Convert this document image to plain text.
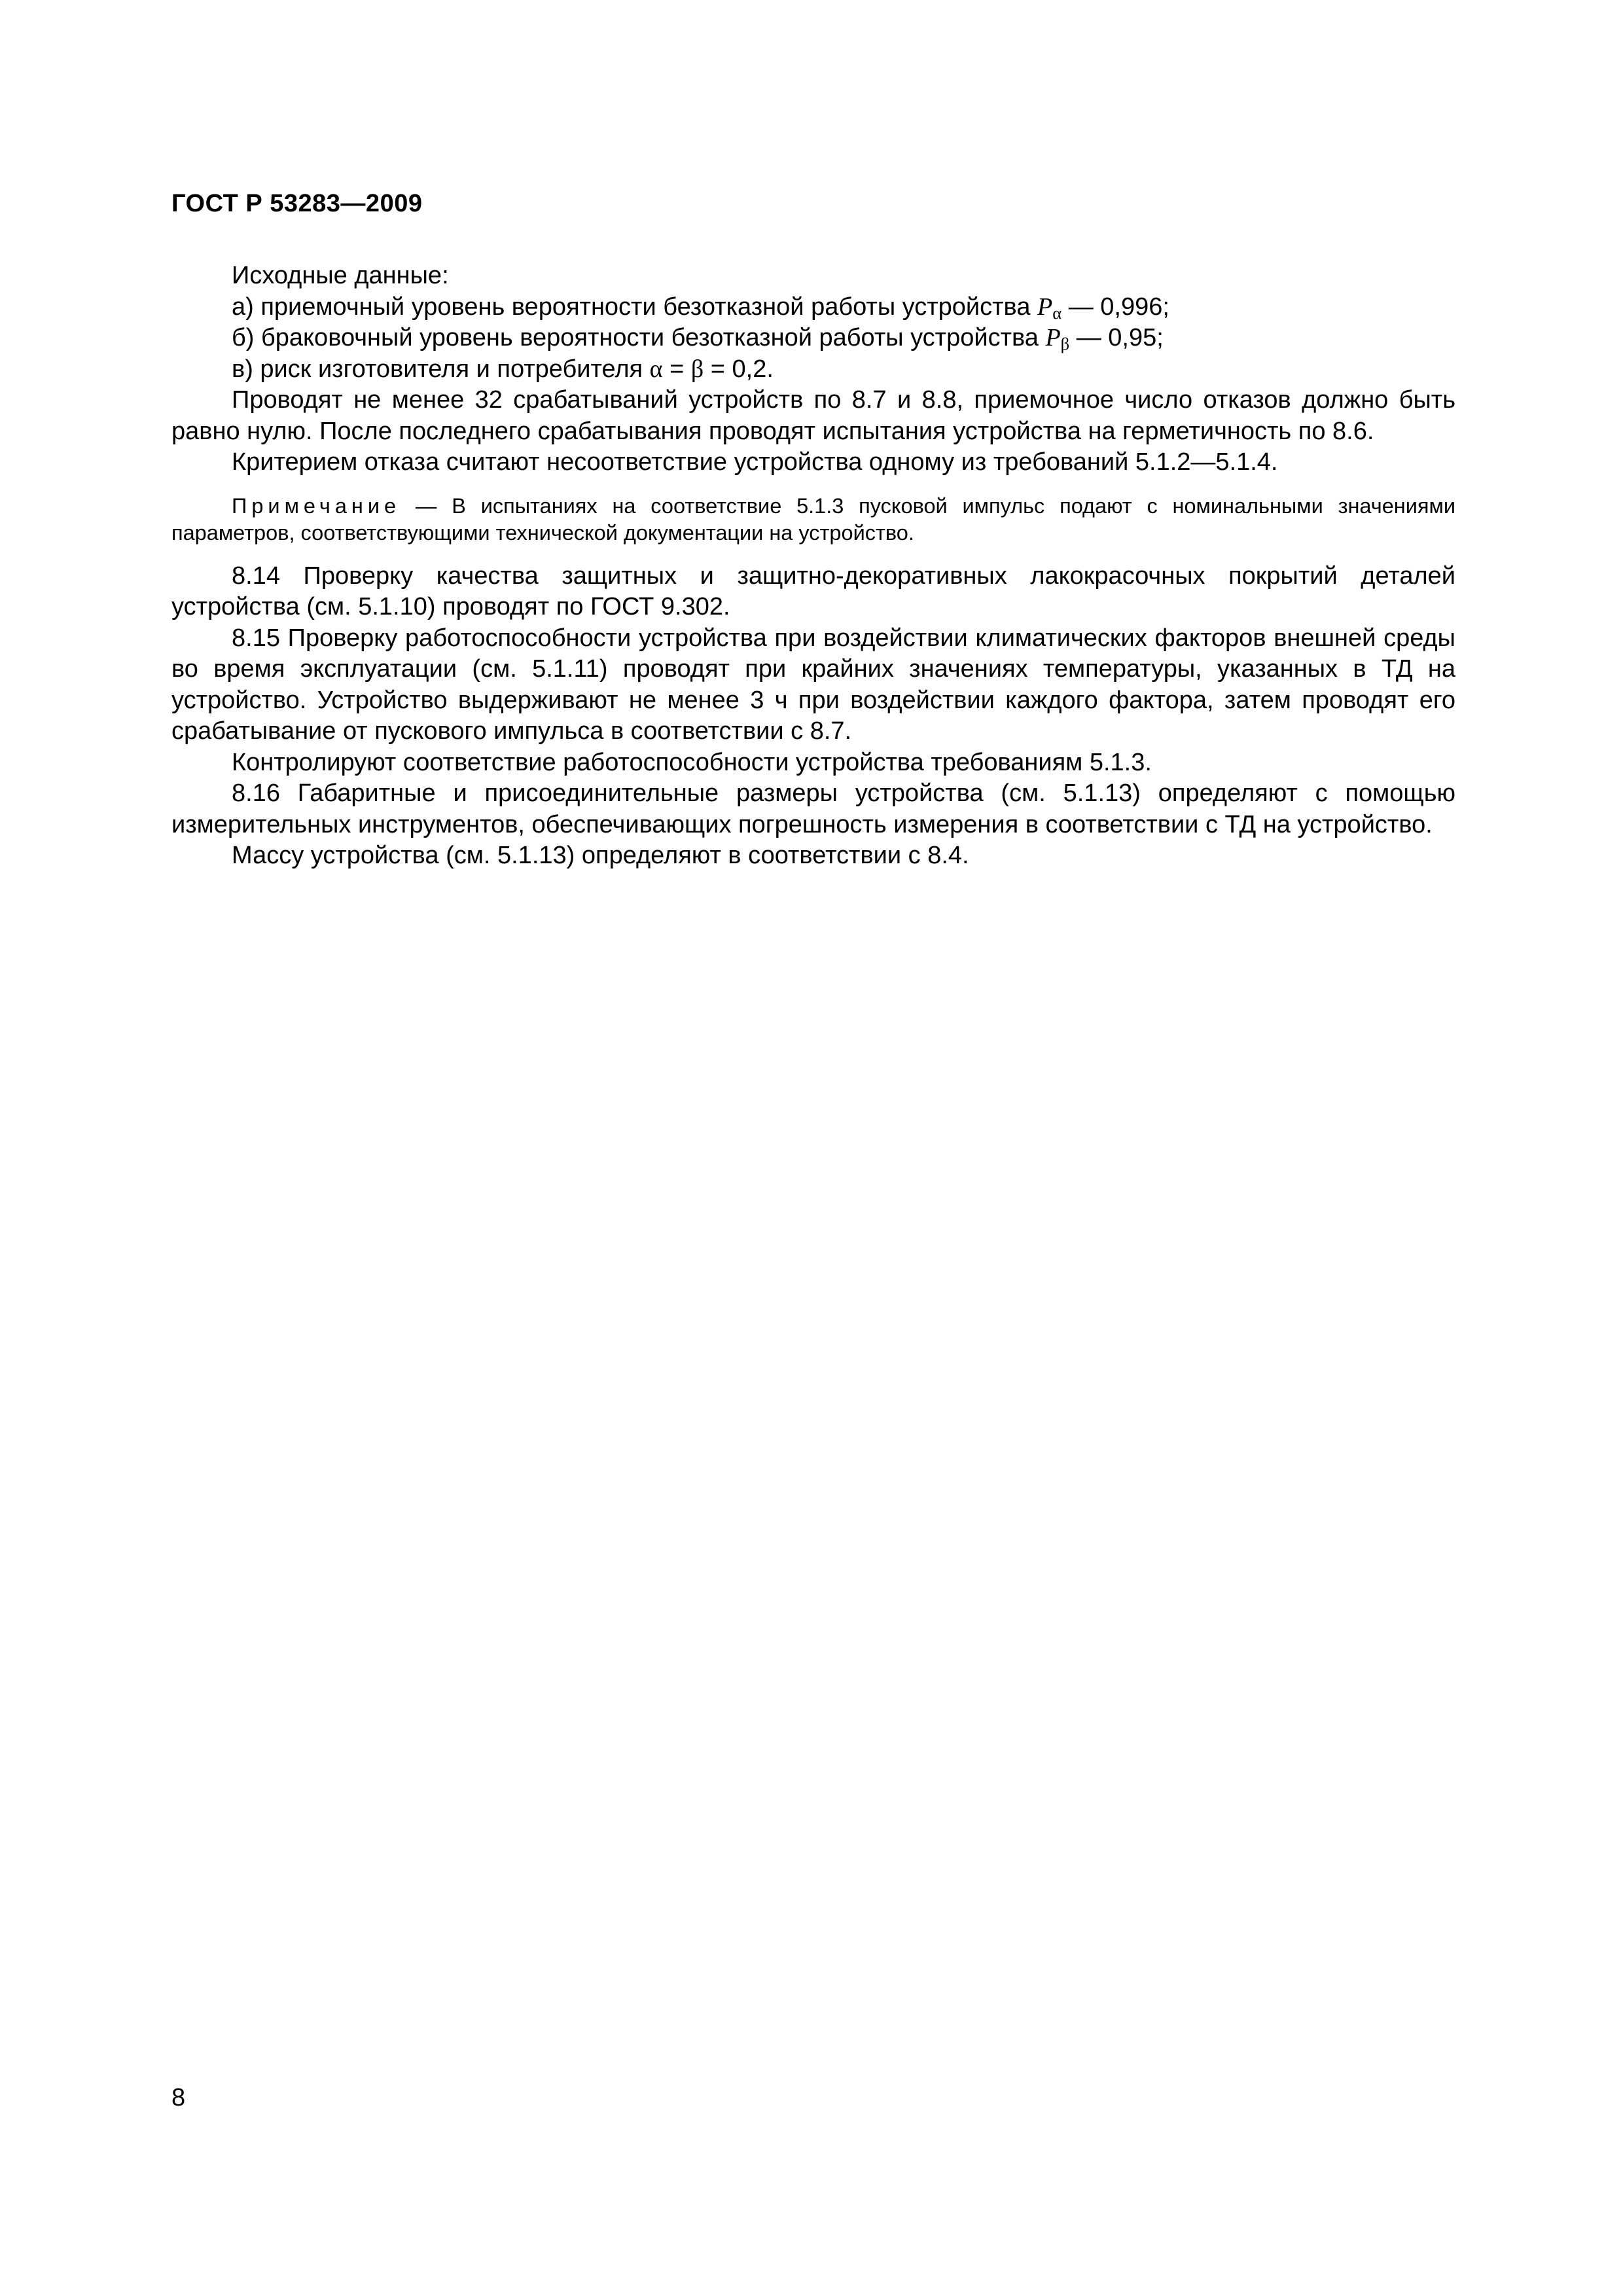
ГОСТ Р 53283—2009

Исходные данные:

а) приемочный уровень вероятности безотказной работы устройства $P_\alpha$ — 0,996;

б) браковочный уровень вероятности безотказной работы устройства $P_\beta$ — 0,95;

в) риск изготовителя и потребителя α = β = 0,2.

Проводят не менее 32 срабатываний устройств по 8.7 и 8.8, приемочное число отказов должно быть равно нулю. После последнего срабатывания проводят испытания устройства на герметичность по 8.6.

Критерием отказа считают несоответствие устройства одному из требований 5.1.2—5.1.4.

Примечание — В испытаниях на соответствие 5.1.3 пусковой импульс подают с номинальными значениями параметров, соответствующими технической документации на устройство.

8.14 Проверку качества защитных и защитно-декоративных лакокрасочных покрытий деталей устройства (см. 5.1.10) проводят по ГОСТ 9.302.

8.15 Проверку работоспособности устройства при воздействии климатических факторов внешней среды во время эксплуатации (см. 5.1.11) проводят при крайних значениях температуры, указанных в ТД на устройство. Устройство выдерживают не менее 3 ч при воздействии каждого фактора, затем проводят его срабатывание от пускового импульса в соответствии с 8.7.

Контролируют соответствие работоспособности устройства требованиям 5.1.3.

8.16 Габаритные и присоединительные размеры устройства (см. 5.1.13) определяют с помощью измерительных инструментов, обеспечивающих погрешность измерения в соответствии с ТД на устройство.

Массу устройства (см. 5.1.13) определяют в соответствии с 8.4.

8
